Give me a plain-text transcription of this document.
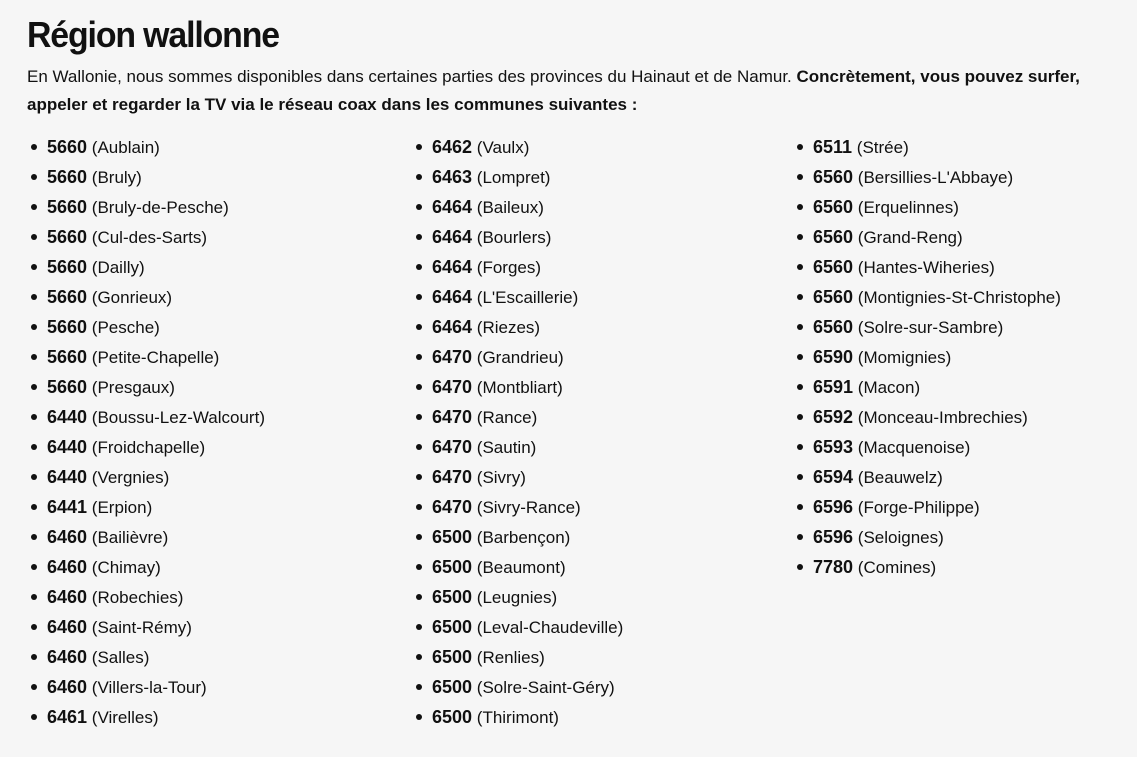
Région wallonne

En Wallonie, nous sommes disponibles dans certaines parties des provinces du Hainaut et de Namur. Concrètement, vous pouvez surfer, appeler et regarder la TV via le réseau coax dans les communes suivantes :

5660 (Aublain)
5660 (Bruly)
5660 (Bruly-de-Pesche)
5660 (Cul-des-Sarts)
5660 (Dailly)
5660 (Gonrieux)
5660 (Pesche)
5660 (Petite-Chapelle)
5660 (Presgaux)
6440 (Boussu-Lez-Walcourt)
6440 (Froidchapelle)
6440 (Vergnies)
6441 (Erpion)
6460 (Bailièvre)
6460 (Chimay)
6460 (Robechies)
6460 (Saint-Rémy)
6460 (Salles)
6460 (Villers-la-Tour)
6461 (Virelles)
6462 (Vaulx)
6463 (Lompret)
6464 (Baileux)
6464 (Bourlers)
6464 (Forges)
6464 (L'Escaillerie)
6464 (Riezes)
6470 (Grandrieu)
6470 (Montbliart)
6470 (Rance)
6470 (Sautin)
6470 (Sivry)
6470 (Sivry-Rance)
6500 (Barbençon)
6500 (Beaumont)
6500 (Leugnies)
6500 (Leval-Chaudeville)
6500 (Renlies)
6500 (Solre-Saint-Géry)
6500 (Thirimont)
6511 (Strée)
6560 (Bersillies-L'Abbaye)
6560 (Erquelinnes)
6560 (Grand-Reng)
6560 (Hantes-Wiheries)
6560 (Montignies-St-Christophe)
6560 (Solre-sur-Sambre)
6590 (Momignies)
6591 (Macon)
6592 (Monceau-Imbrechies)
6593 (Macquenoise)
6594 (Beauwelz)
6596 (Forge-Philippe)
6596 (Seloignes)
7780 (Comines)
